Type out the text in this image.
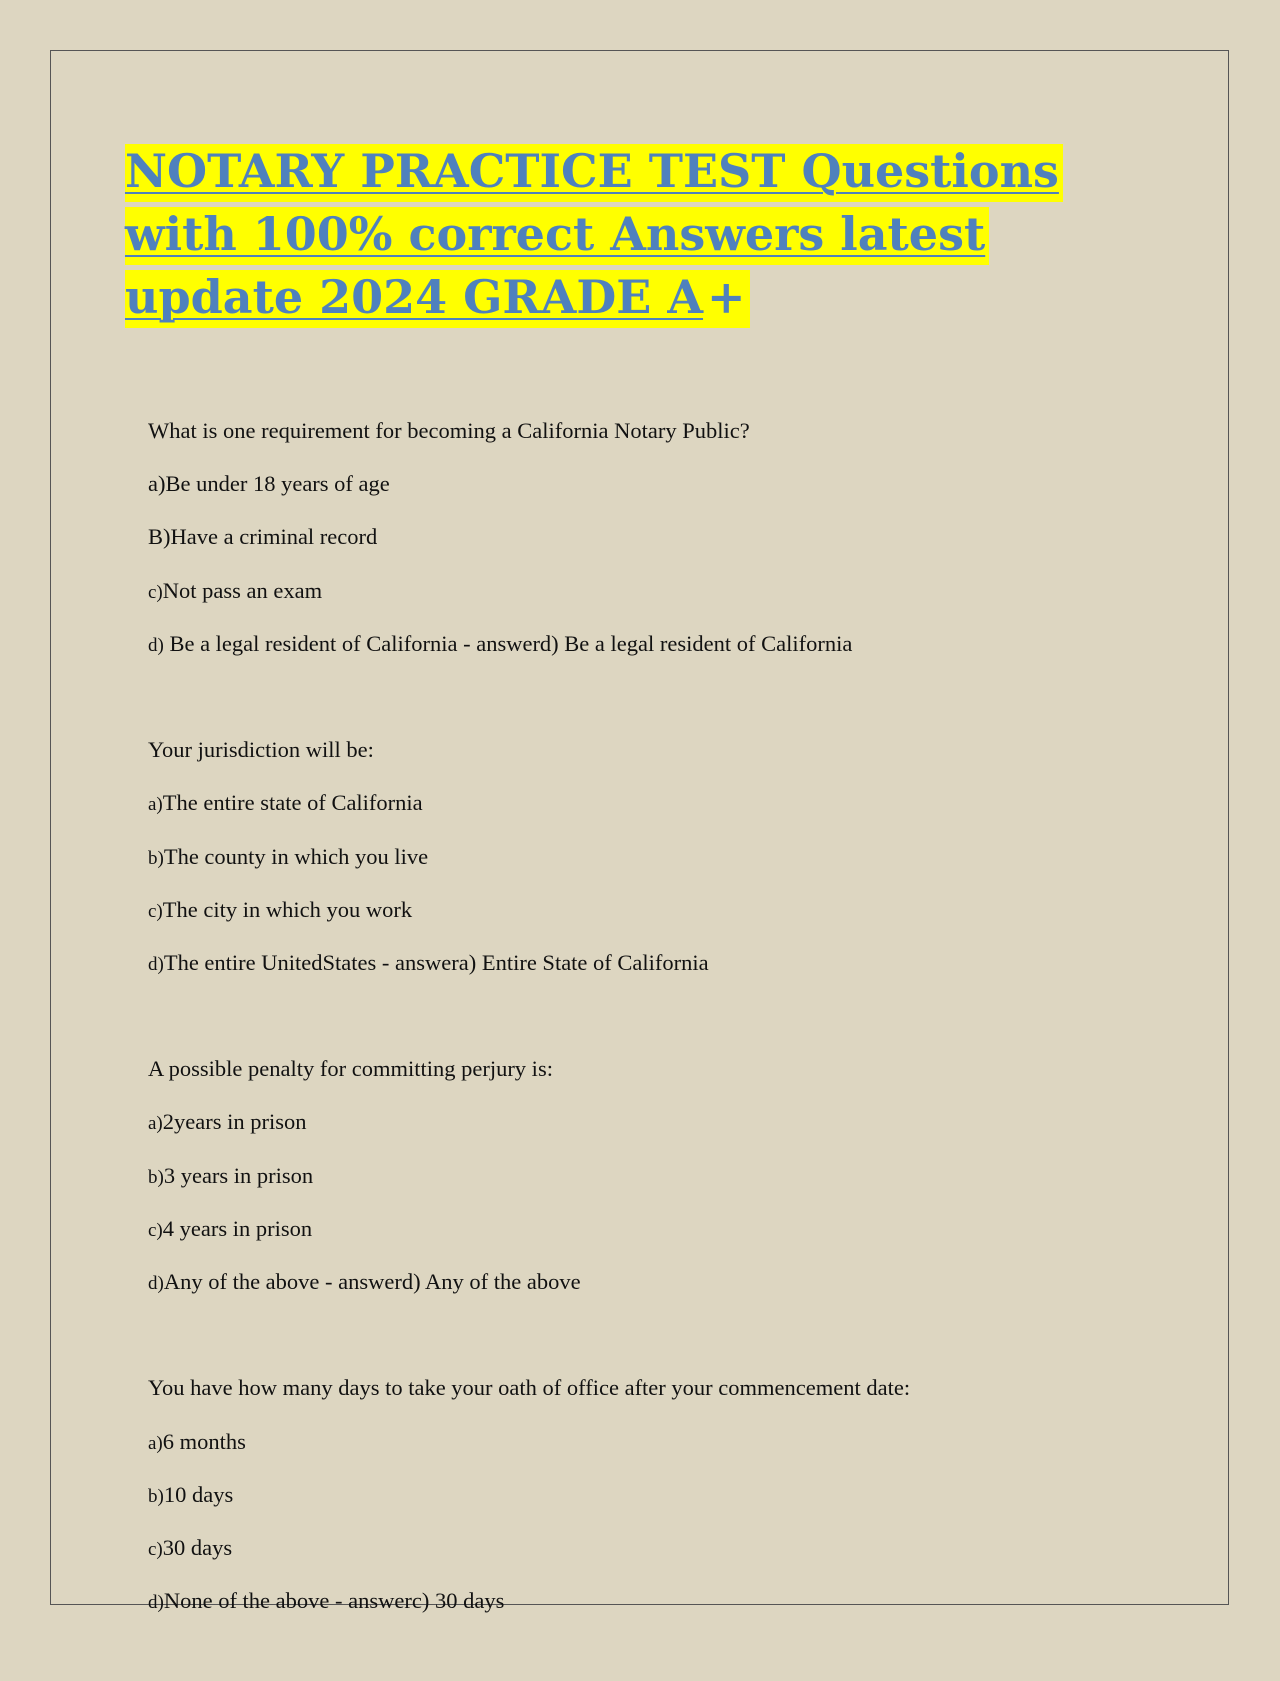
NOTARY PRACTICE TEST Questions with 100% correct Answers latest update 2024 GRADE A+
What is one requirement for becoming a California Notary Public?
a)Be under 18 years of age
B)Have a criminal record
c)Not pass an exam
d) Be a legal resident of California - answerd) Be a legal resident of California
Your jurisdiction will be:
a)The entire state of California
b)The county in which you live
c)The city in which you work
d)The entire UnitedStates - answera) Entire State of California
A possible penalty for committing perjury is:
a)2years in prison
b)3 years in prison
c)4 years in prison
d)Any of the above - answerd) Any of the above
You have how many days to take your oath of office after your commencement date:
a)6 months
b)10 days
c)30 days
d)None of the above - answerc) 30 days
